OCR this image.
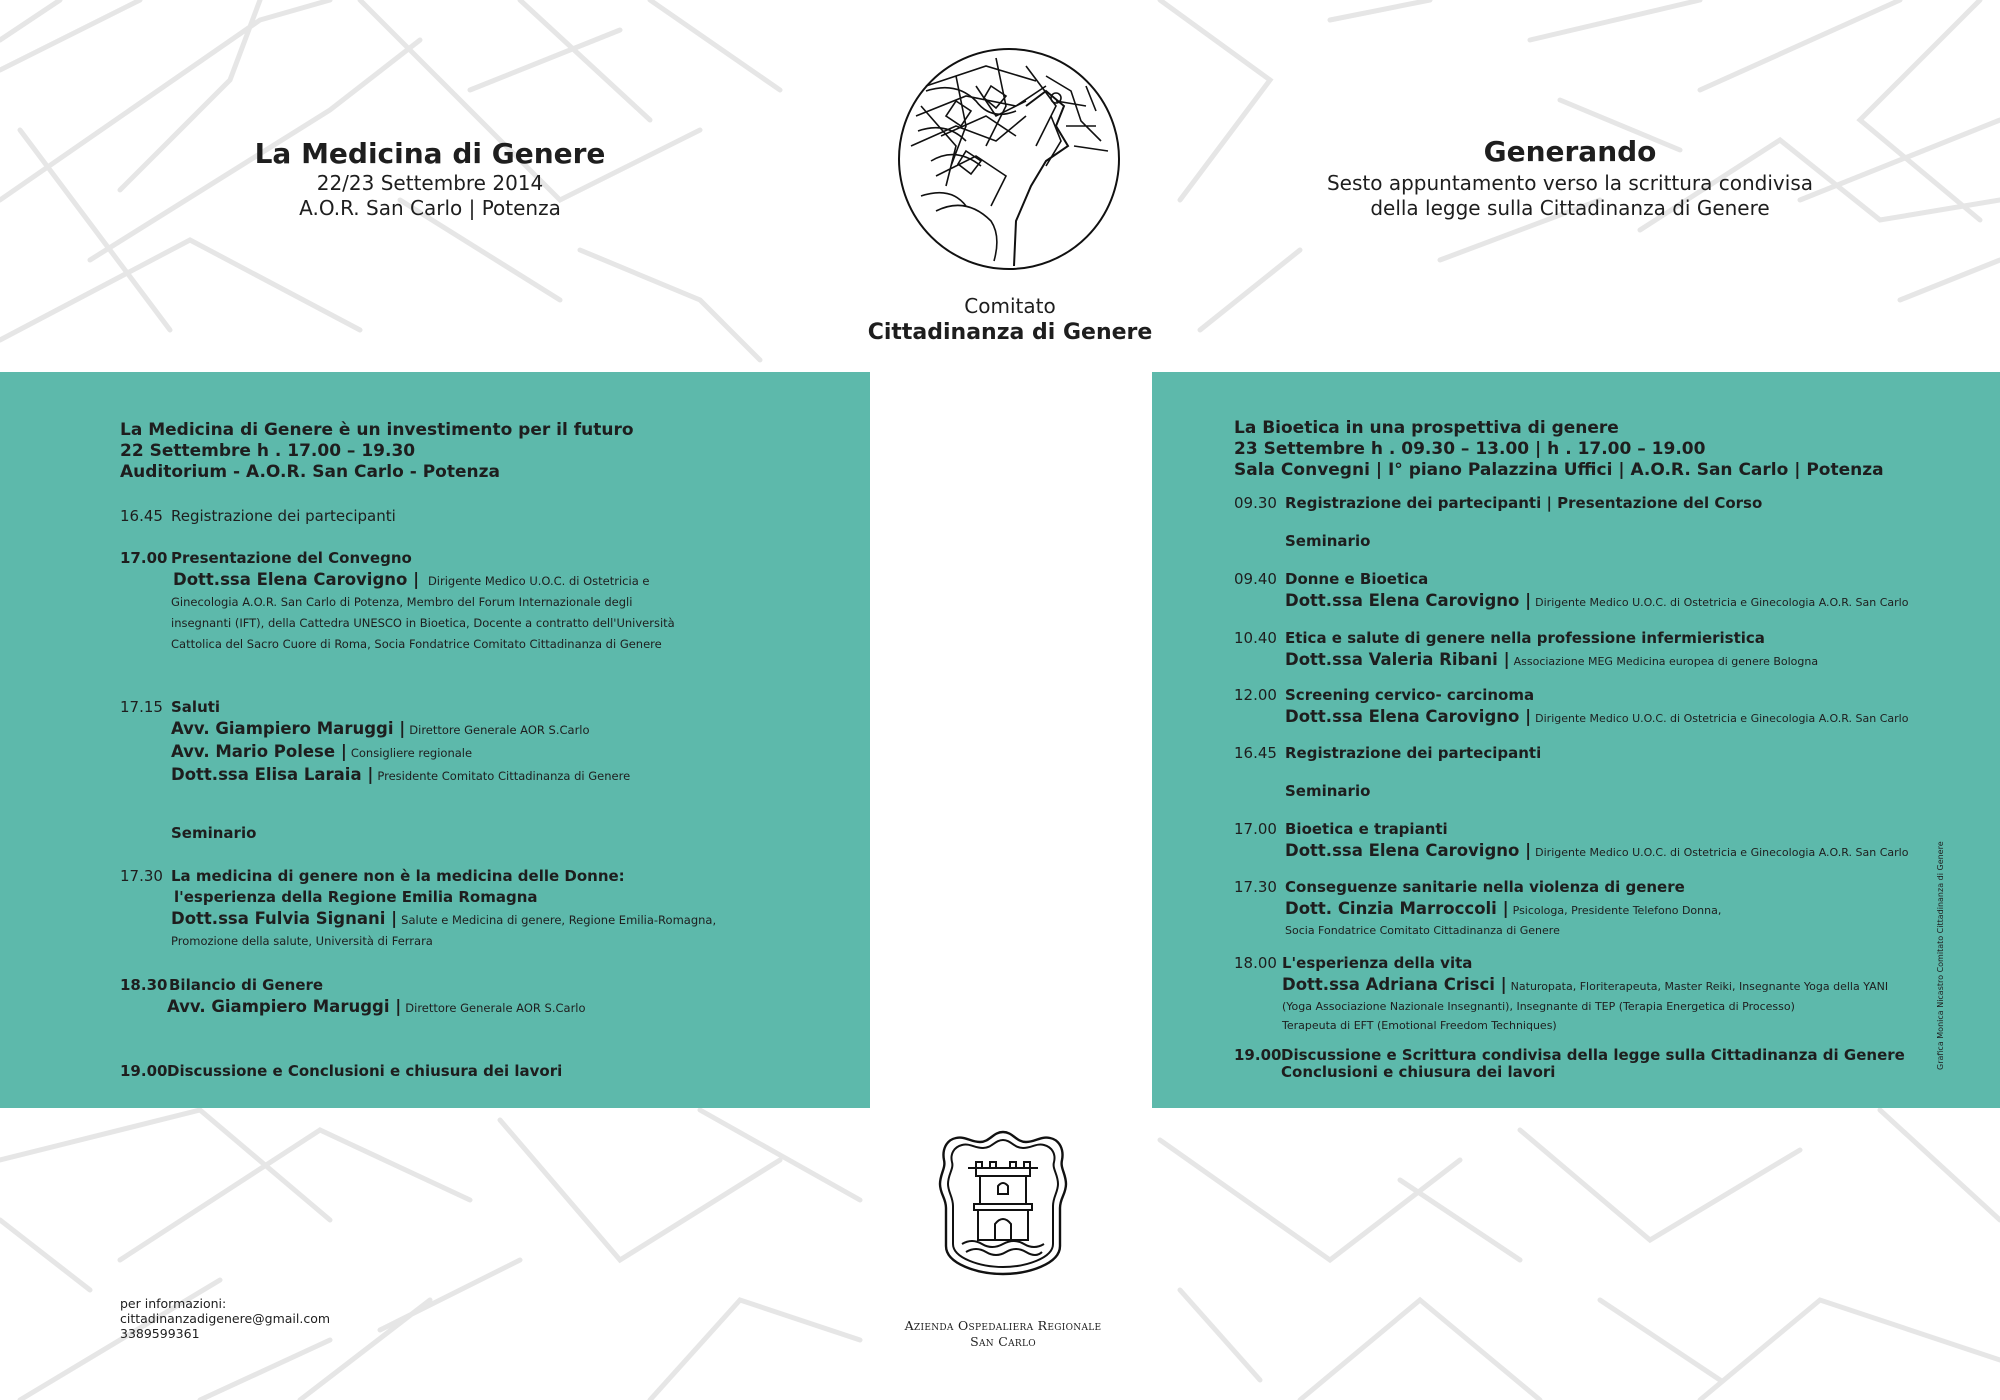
La Medicina di Genere
22/23 Settembre 2014
A.O.R. San Carlo | Potenza
Comitato
Cittadinanza di Genere
Generando
Sesto appuntamento verso la scrittura condivisa
della legge sulla Cittadinanza di Genere
La Medicina di Genere è un investimento per il futuro
22 Settembre h . 17.00 – 19.30
Auditorium - A.O.R. San Carlo - Potenza
16.45 Registrazione dei partecipanti
17.00 Presentazione del Convegno
Dott.ssa Elena Carovigno | Dirigente Medico U.O.C. di Ostetricia e
Ginecologia A.O.R. San Carlo di Potenza, Membro del Forum Internazionale degli
insegnanti (IFT), della Cattedra UNESCO in Bioetica, Docente a contratto dell'Università
Cattolica del Sacro Cuore di Roma, Socia Fondatrice Comitato Cittadinanza di Genere
17.15 Saluti
Avv. Giampiero Maruggi | Direttore Generale AOR S.Carlo
Avv. Mario Polese | Consigliere regionale
Dott.ssa Elisa Laraia | Presidente Comitato Cittadinanza di Genere
Seminario
17.30 La medicina di genere non è la medicina delle Donne:
l'esperienza della Regione Emilia Romagna
Dott.ssa Fulvia Signani | Salute e Medicina di genere, Regione Emilia-Romagna,
Promozione della salute, Università di Ferrara
18.30 Bilancio di Genere
Avv. Giampiero Maruggi | Direttore Generale AOR S.Carlo
19.00 Discussione e Conclusioni e chiusura dei lavori
La Bioetica in una prospettiva di genere
23 Settembre h . 09.30 – 13.00 | h . 17.00 – 19.00
Sala Convegni | I° piano Palazzina Uffici | A.O.R. San Carlo | Potenza
09.30 Registrazione dei partecipanti | Presentazione del Corso
Seminario
09.40 Donne e Bioetica
Dott.ssa Elena Carovigno | Dirigente Medico U.O.C. di Ostetricia e Ginecologia A.O.R. San Carlo
10.40 Etica e salute di genere nella professione infermieristica
Dott.ssa Valeria Ribani | Associazione MEG Medicina europea di genere Bologna
12.00 Screening cervico- carcinoma
Dott.ssa Elena Carovigno | Dirigente Medico U.O.C. di Ostetricia e Ginecologia A.O.R. San Carlo
16.45 Registrazione dei partecipanti
Seminario
17.00 Bioetica e trapianti
Dott.ssa Elena Carovigno | Dirigente Medico U.O.C. di Ostetricia e Ginecologia A.O.R. San Carlo
17.30 Conseguenze sanitarie nella violenza di genere
Dott. Cinzia Marroccoli | Psicologa, Presidente Telefono Donna,
Socia Fondatrice Comitato Cittadinanza di Genere
18.00 L'esperienza della vita
Dott.ssa Adriana Crisci | Naturopata, Floriterapeuta, Master Reiki, Insegnante Yoga della YANI
(Yoga Associazione Nazionale Insegnanti), Insegnante di TEP (Terapia Energetica di Processo)
Terapeuta di EFT (Emotional Freedom Techniques)
19.00 Discussione e Scrittura condivisa della legge sulla Cittadinanza di Genere
Conclusioni e chiusura dei lavori
Grafica Monica Nicastro Comitato Cittadinanza di Genere
Azienda Ospedaliera Regionale
San Carlo
per informazioni:
cittadinanzadigenere@gmail.com
3389599361
